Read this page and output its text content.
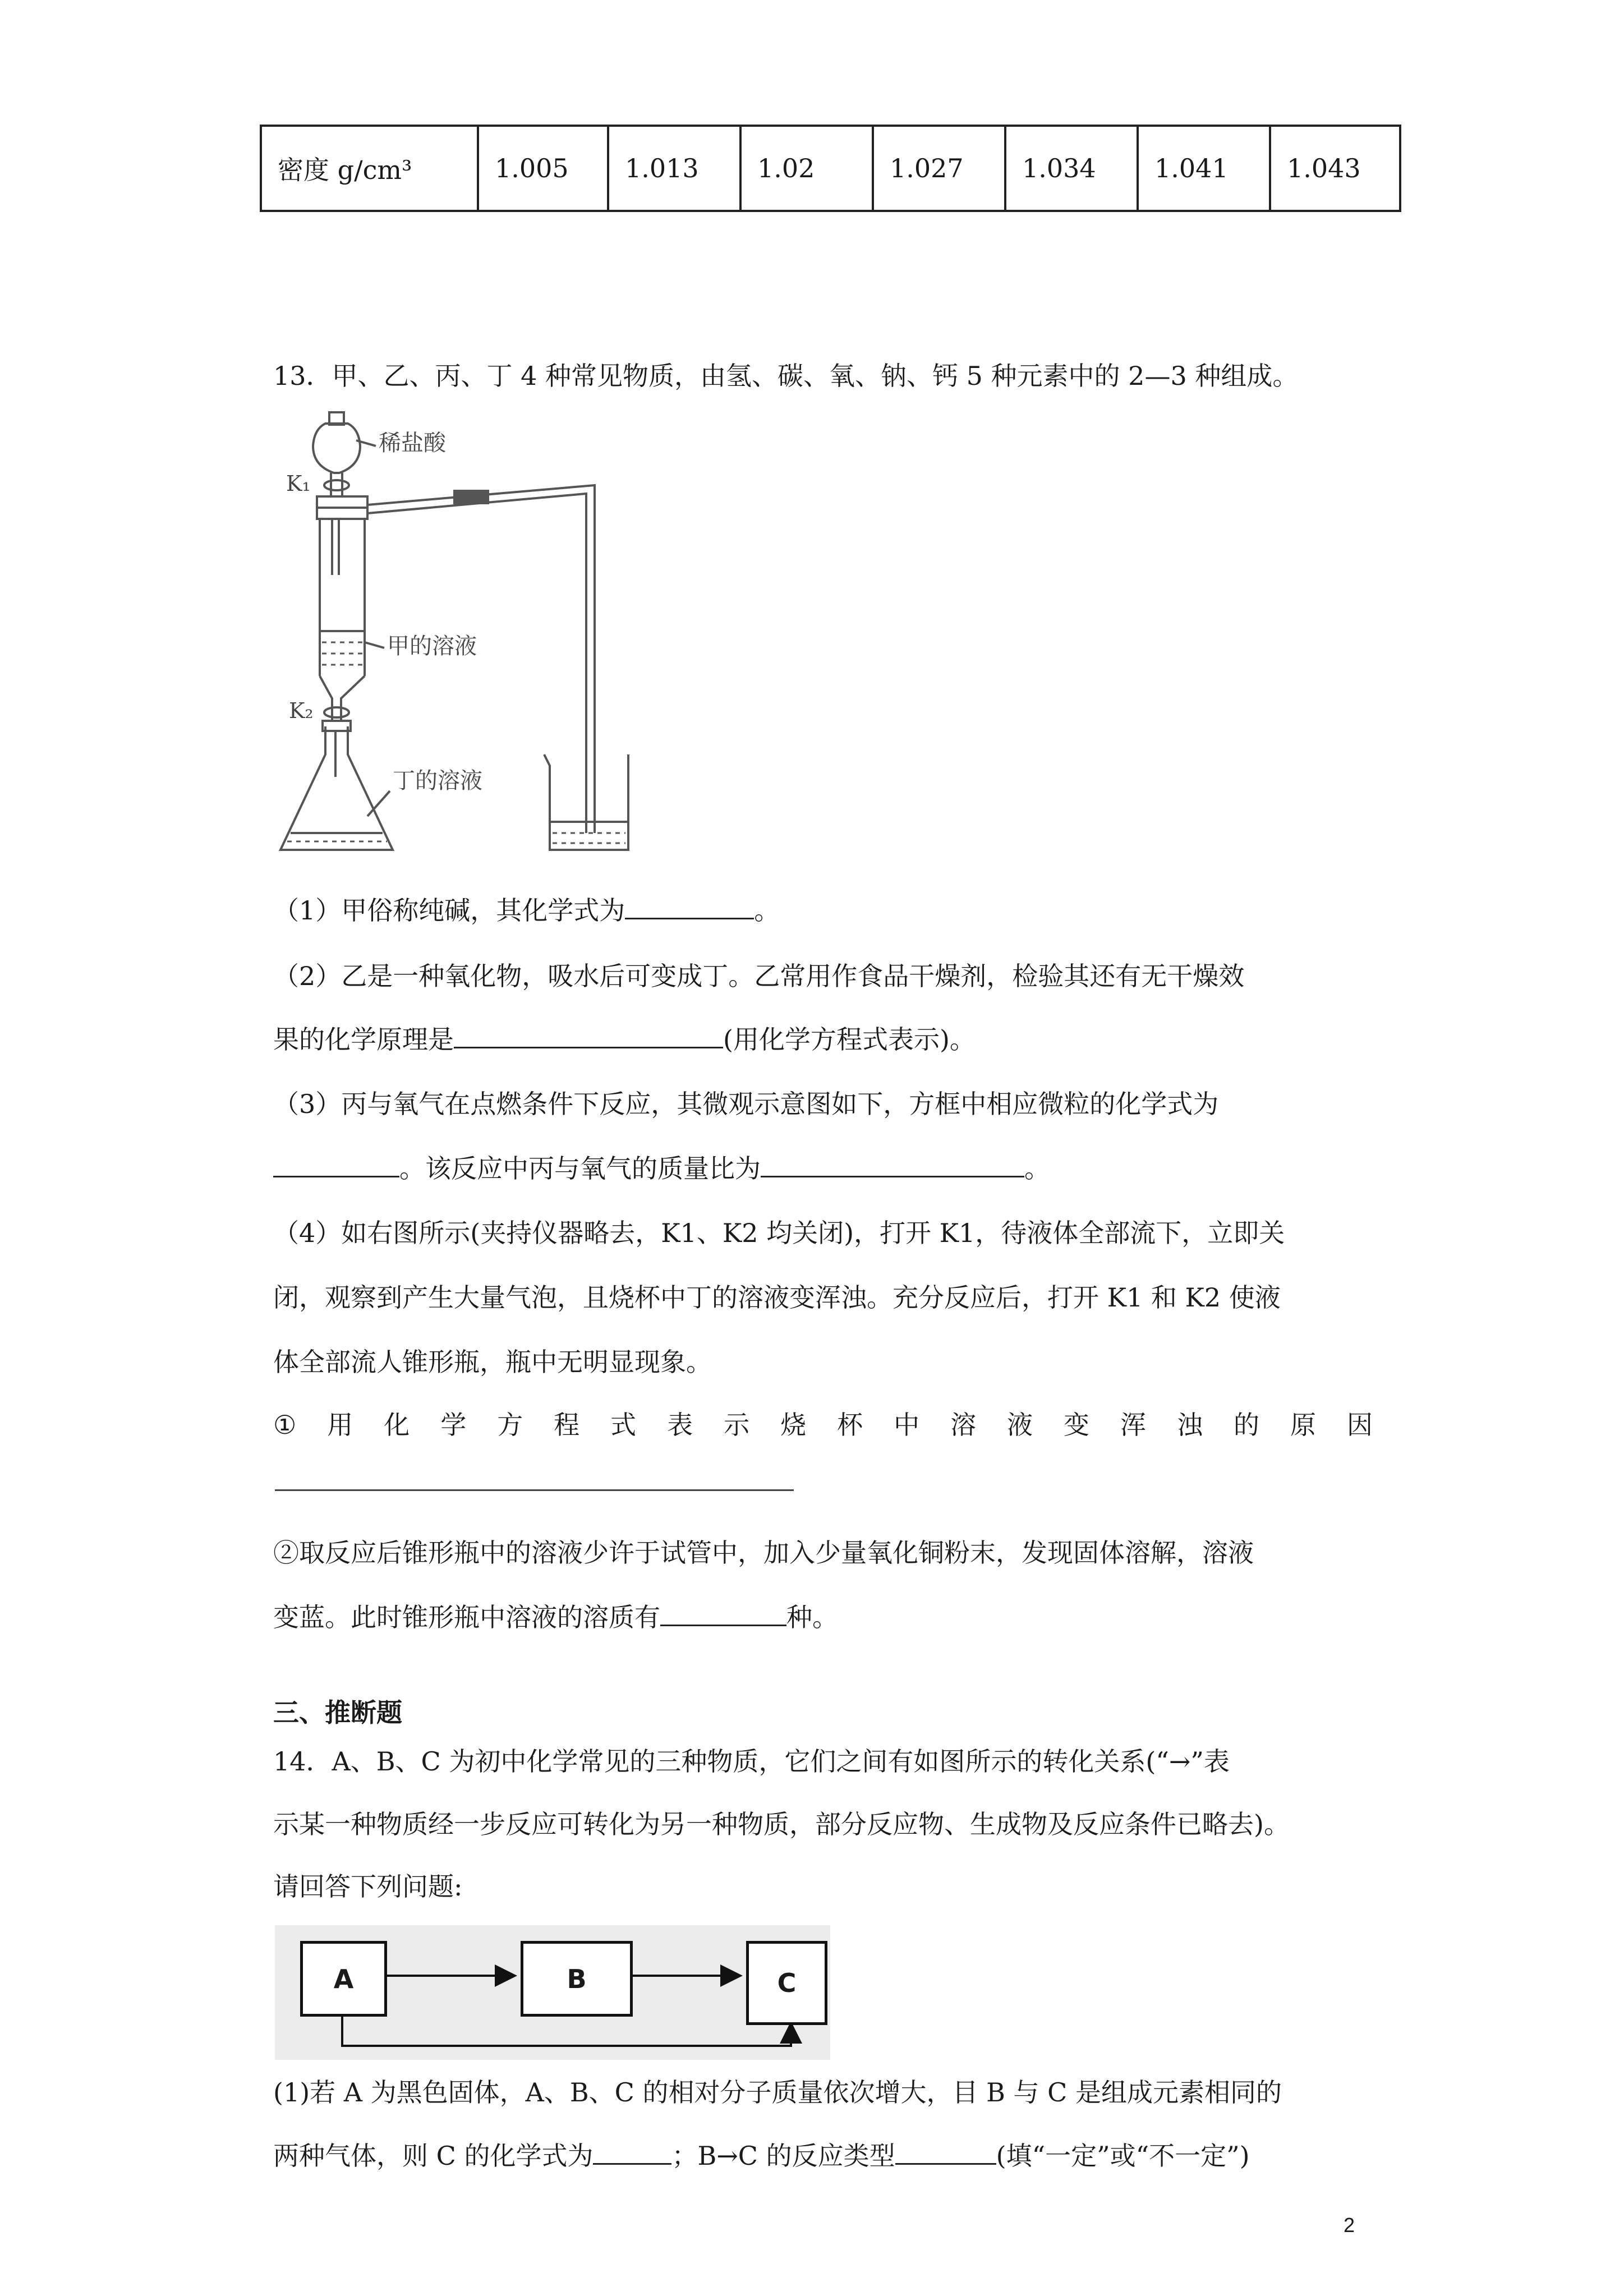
密度 g/cm³	1.005	1.013	1.02	1.027	1.034	1.041	1.043
13．甲、乙、丙、丁 4 种常见物质，由氢、碳、氧、钠、钙 5 种元素中的 2—3 种组成。
稀盐酸
K₁
甲的溶液
K₂
丁的溶液
（1）甲俗称纯碱，其化学式为	。
（2）乙是一种氧化物，吸水后可变成丁。乙常用作食品干燥剂，检验其还有无干燥效
果的化学原理是	(用化学方程式表示)。
（3）丙与氧气在点燃条件下反应，其微观示意图如下，方框中相应微粒的化学式为
。该反应中丙与氧气的质量比为	。
（4）如右图所示(夹持仪器略去，K1、K2 均关闭)，打开 K1，待液体全部流下，立即关
闭，观察到产生大量气泡，且烧杯中丁的溶液变浑浊。充分反应后，打开 K1 和 K2 使液
体全部流人锥形瓶，瓶中无明显现象。
① 用 化 学 方 程 式 表 示 烧 杯 中 溶 液 变 浑 浊 的 原 因
②取反应后锥形瓶中的溶液少许于试管中，加入少量氧化铜粉末，发现固体溶解，溶液
变蓝。此时锥形瓶中溶液的溶质有	种。
三、推断题
14．A、B、C 为初中化学常见的三种物质，它们之间有如图所示的转化关系(“→”表
示某一种物质经一步反应可转化为另一种物质，部分反应物、生成物及反应条件已略去)。
请回答下列问题:
A	B	C
(1)若 A 为黑色固体，A、B、C 的相对分子质量依次增大，目 B 与 C 是组成元素相同的
两种气体，则 C 的化学式为	；B→C 的反应类型	(填“一定”或“不一定”)
2
